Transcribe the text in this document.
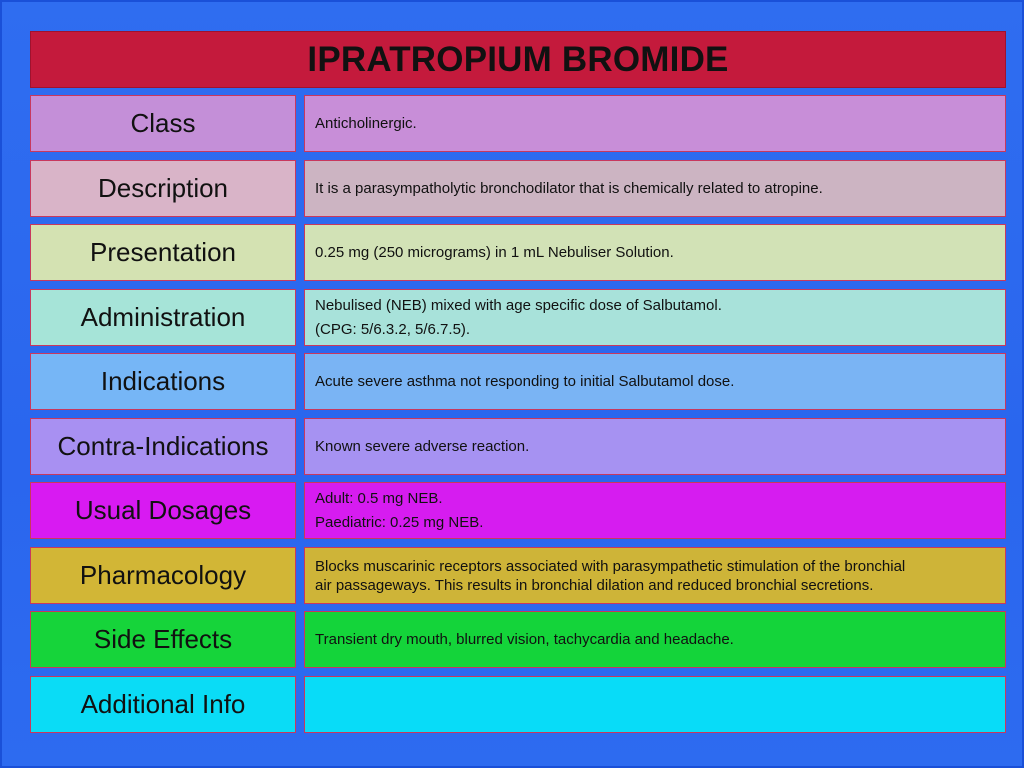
IPRATROPIUM BROMIDE
Class	Anticholinergic.
Description	It is a parasympatholytic bronchodilator that is chemically related to atropine.
Presentation	0.25 mg (250 micrograms) in 1 mL Nebuliser Solution.
Administration	Nebulised (NEB) mixed with age specific dose of Salbutamol.
(CPG: 5/6.3.2, 5/6.7.5).
Indications	Acute severe asthma not responding to initial Salbutamol dose.
Contra-Indications	Known severe adverse reaction.
Usual Dosages	Adult: 0.5 mg NEB.
Paediatric: 0.25 mg NEB.
Pharmacology	Blocks muscarinic receptors associated with parasympathetic stimulation of the bronchial
air passageways. This results in bronchial dilation and reduced bronchial secretions.
Side Effects	Transient dry mouth, blurred vision, tachycardia and headache.
Additional Info
